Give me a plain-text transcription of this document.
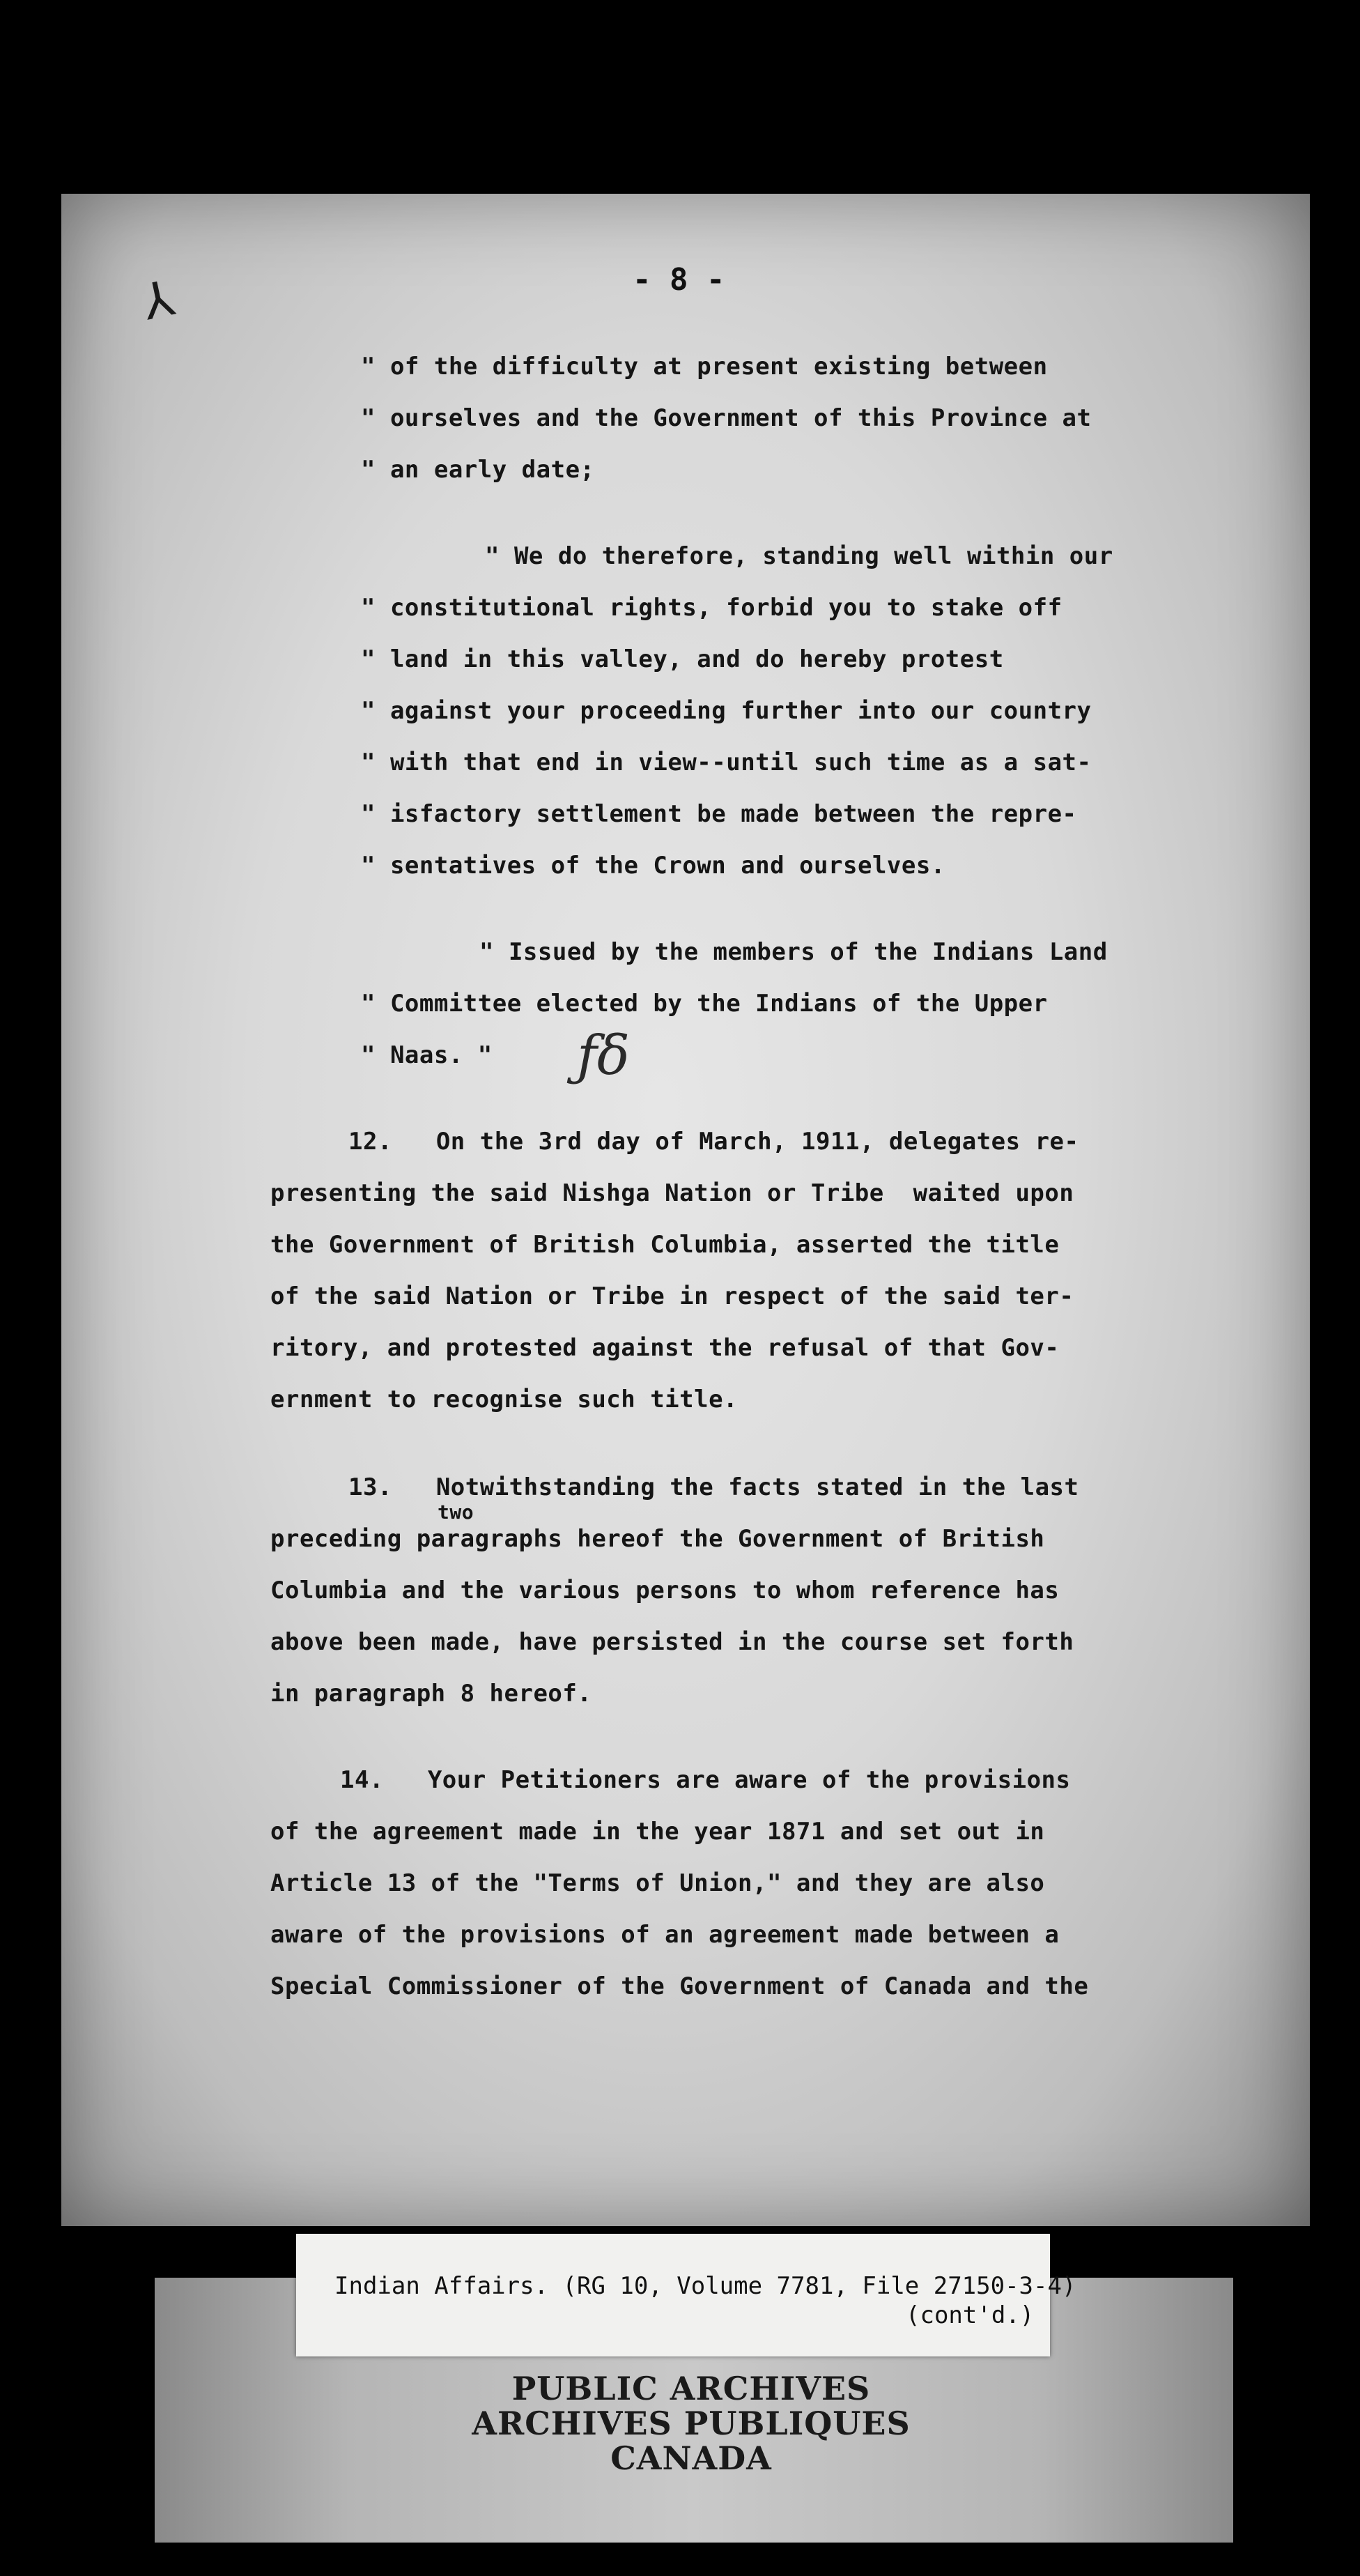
⅄	- 8 -

" of the difficulty at present existing between

" ourselves and the Government of this Province at

" an early date;

" We do therefore, standing well within our

" constitutional rights, forbid you to stake off

" land in this valley, and do hereby protest

" against your proceeding further into our country

" with that end in view--until such time as a sat-

" isfactory settlement be made between the repre-

" sentatives of the Crown and ourselves.

" Issued by the members of the Indians Land

" Committee elected by the Indians of the Upper

" Naas. " ƒδ

12.   On the 3rd day of March, 1911, delegates re-

presenting the said Nishga Nation or Tribe  waited upon

the Government of British Columbia, asserted the title

of the said Nation or Tribe in respect of the said ter-

ritory, and protested against the refusal of that Gov-

ernment to recognise such title.

13.   Notwithstanding the facts stated in the last

two

preceding paragraphs hereof the Government of British

Columbia and the various persons to whom reference has

above been made, have persisted in the course set forth

in paragraph 8 hereof.

14.   Your Petitioners are aware of the provisions

of the agreement made in the year 1871 and set out in

Article 13 of the "Terms of Union," and they are also

aware of the provisions of an agreement made between a

Special Commissioner of the Government of Canada and the

Indian Affairs. (RG 10, Volume 7781, File 27150-3-4)

(cont'd.)

PUBLIC ARCHIVES

ARCHIVES PUBLIQUES

CANADA
